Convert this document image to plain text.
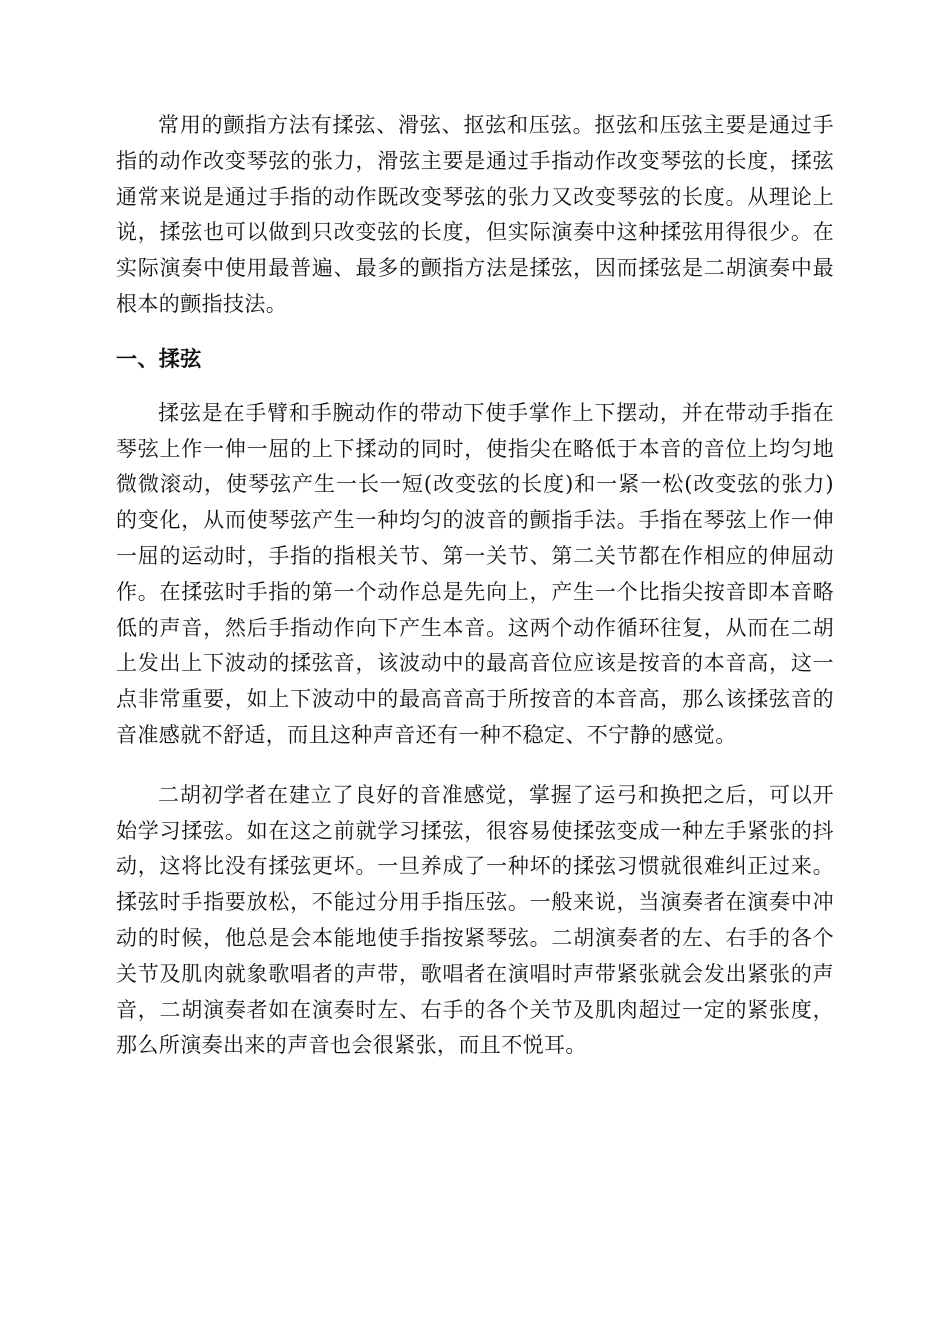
常用的颤指方法有揉弦、滑弦、抠弦和压弦。抠弦和压弦主要是通过手指的动作改变琴弦的张力，滑弦主要是通过手指动作改变琴弦的长度，揉弦通常来说是通过手指的动作既改变琴弦的张力又改变琴弦的长度。从理论上说，揉弦也可以做到只改变弦的长度，但实际演奏中这种揉弦用得很少。在实际演奏中使用最普遍、最多的颤指方法是揉弦，因而揉弦是二胡演奏中最根本的颤指技法。

一、揉弦

揉弦是在手臂和手腕动作的带动下使手掌作上下摆动，并在带动手指在琴弦上作一伸一屈的上下揉动的同时，使指尖在略低于本音的音位上均匀地微微滚动，使琴弦产生一长一短(改变弦的长度)和一紧一松(改变弦的张力)的变化，从而使琴弦产生一种均匀的波音的颤指手法。手指在琴弦上作一伸一屈的运动时，手指的指根关节、第一关节、第二关节都在作相应的伸屈动作。在揉弦时手指的第一个动作总是先向上，产生一个比指尖按音即本音略低的声音，然后手指动作向下产生本音。这两个动作循环往复，从而在二胡上发出上下波动的揉弦音，该波动中的最高音位应该是按音的本音高，这一点非常重要，如上下波动中的最高音高于所按音的本音高，那么该揉弦音的音准感就不舒适，而且这种声音还有一种不稳定、不宁静的感觉。

二胡初学者在建立了良好的音准感觉，掌握了运弓和换把之后，可以开始学习揉弦。如在这之前就学习揉弦，很容易使揉弦变成一种左手紧张的抖动，这将比没有揉弦更坏。一旦养成了一种坏的揉弦习惯就很难纠正过来。揉弦时手指要放松，不能过分用手指压弦。一般来说，当演奏者在演奏中冲动的时候，他总是会本能地使手指按紧琴弦。二胡演奏者的左、右手的各个关节及肌肉就象歌唱者的声带，歌唱者在演唱时声带紧张就会发出紧张的声音，二胡演奏者如在演奏时左、右手的各个关节及肌肉超过一定的紧张度，那么所演奏出来的声音也会很紧张，而且不悦耳。
